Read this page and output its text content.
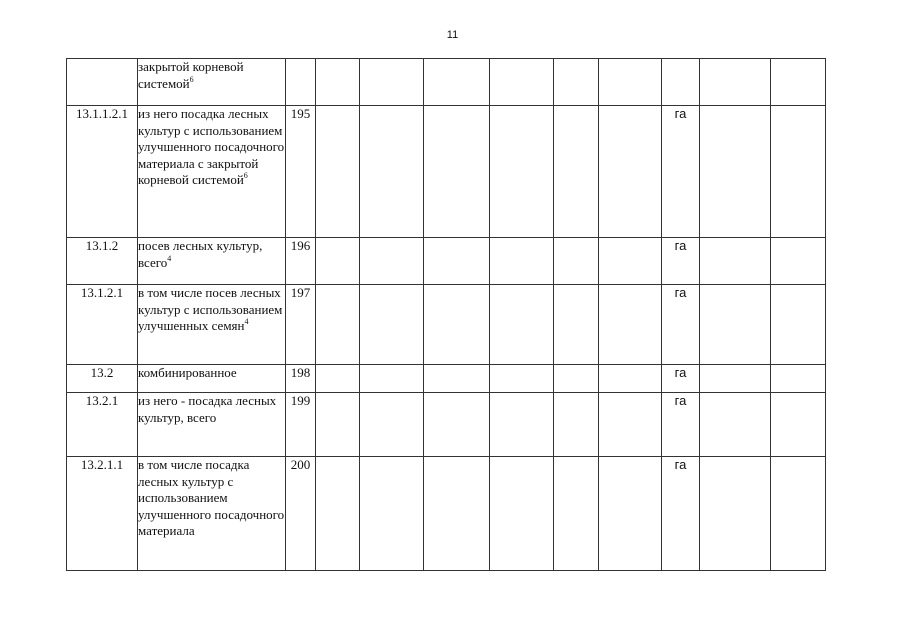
11
	закрытой корневой системой$^6$										
13.1.1.2.1	из него посадка лесных культур с использованием улучшенного посадочного материала с закрытой корневой системой$^6$	195							га		
13.1.2	посев лесных культур, всего$^4$	196							га		
13.1.2.1	в том числе посев лесных культур с использованием улучшенных семян$^4$	197							га		
13.2	комбинированное	198							га		
13.2.1	из него - посадка лесных культур, всего	199							га		
13.2.1.1	в том числе посадка лесных культур с использованием улучшенного посадочного материала	200							га		
